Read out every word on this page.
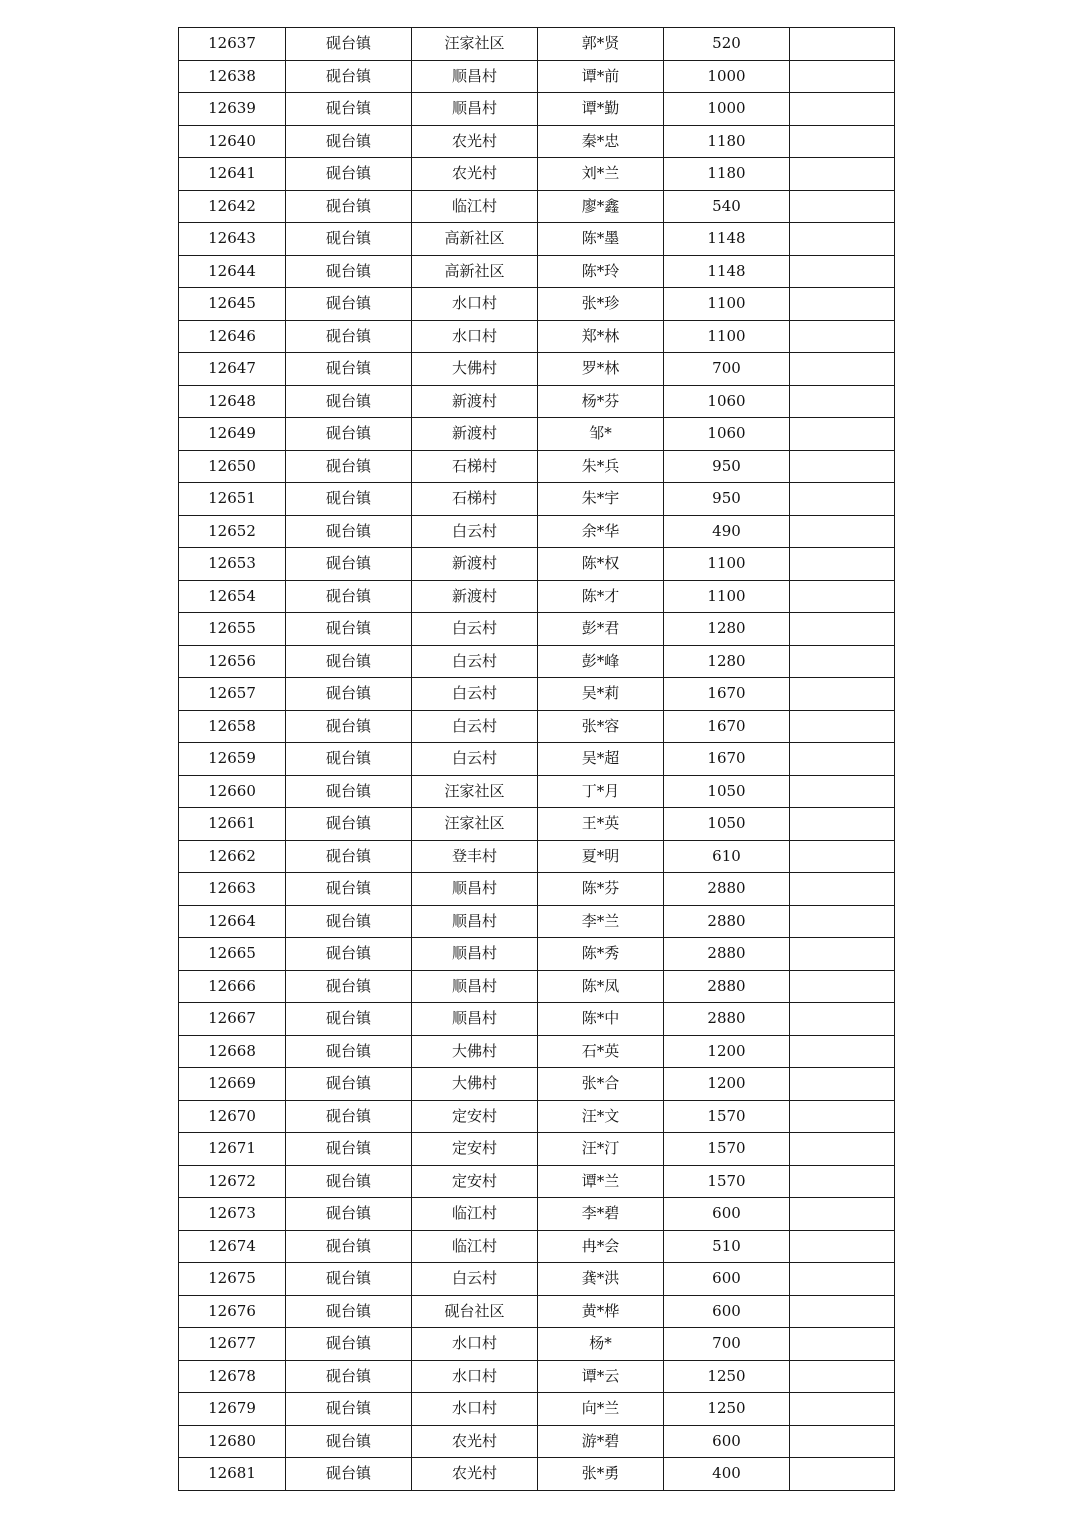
12637	砚台镇	汪家社区	郭*贤	520	
12638	砚台镇	顺昌村	谭*前	1000	
12639	砚台镇	顺昌村	谭*勤	1000	
12640	砚台镇	农光村	秦*忠	1180	
12641	砚台镇	农光村	刘*兰	1180	
12642	砚台镇	临江村	廖*鑫	540	
12643	砚台镇	高新社区	陈*墨	1148	
12644	砚台镇	高新社区	陈*玲	1148	
12645	砚台镇	水口村	张*珍	1100	
12646	砚台镇	水口村	郑*林	1100	
12647	砚台镇	大佛村	罗*林	700	
12648	砚台镇	新渡村	杨*芬	1060	
12649	砚台镇	新渡村	邹*	1060	
12650	砚台镇	石梯村	朱*兵	950	
12651	砚台镇	石梯村	朱*宇	950	
12652	砚台镇	白云村	余*华	490	
12653	砚台镇	新渡村	陈*权	1100	
12654	砚台镇	新渡村	陈*才	1100	
12655	砚台镇	白云村	彭*君	1280	
12656	砚台镇	白云村	彭*峰	1280	
12657	砚台镇	白云村	吴*莉	1670	
12658	砚台镇	白云村	张*容	1670	
12659	砚台镇	白云村	吴*超	1670	
12660	砚台镇	汪家社区	丁*月	1050	
12661	砚台镇	汪家社区	王*英	1050	
12662	砚台镇	登丰村	夏*明	610	
12663	砚台镇	顺昌村	陈*芬	2880	
12664	砚台镇	顺昌村	李*兰	2880	
12665	砚台镇	顺昌村	陈*秀	2880	
12666	砚台镇	顺昌村	陈*凤	2880	
12667	砚台镇	顺昌村	陈*中	2880	
12668	砚台镇	大佛村	石*英	1200	
12669	砚台镇	大佛村	张*合	1200	
12670	砚台镇	定安村	汪*文	1570	
12671	砚台镇	定安村	汪*汀	1570	
12672	砚台镇	定安村	谭*兰	1570	
12673	砚台镇	临江村	李*碧	600	
12674	砚台镇	临江村	冉*会	510	
12675	砚台镇	白云村	龚*洪	600	
12676	砚台镇	砚台社区	黄*桦	600	
12677	砚台镇	水口村	杨*	700	
12678	砚台镇	水口村	谭*云	1250	
12679	砚台镇	水口村	向*兰	1250	
12680	砚台镇	农光村	游*碧	600	
12681	砚台镇	农光村	张*勇	400	
